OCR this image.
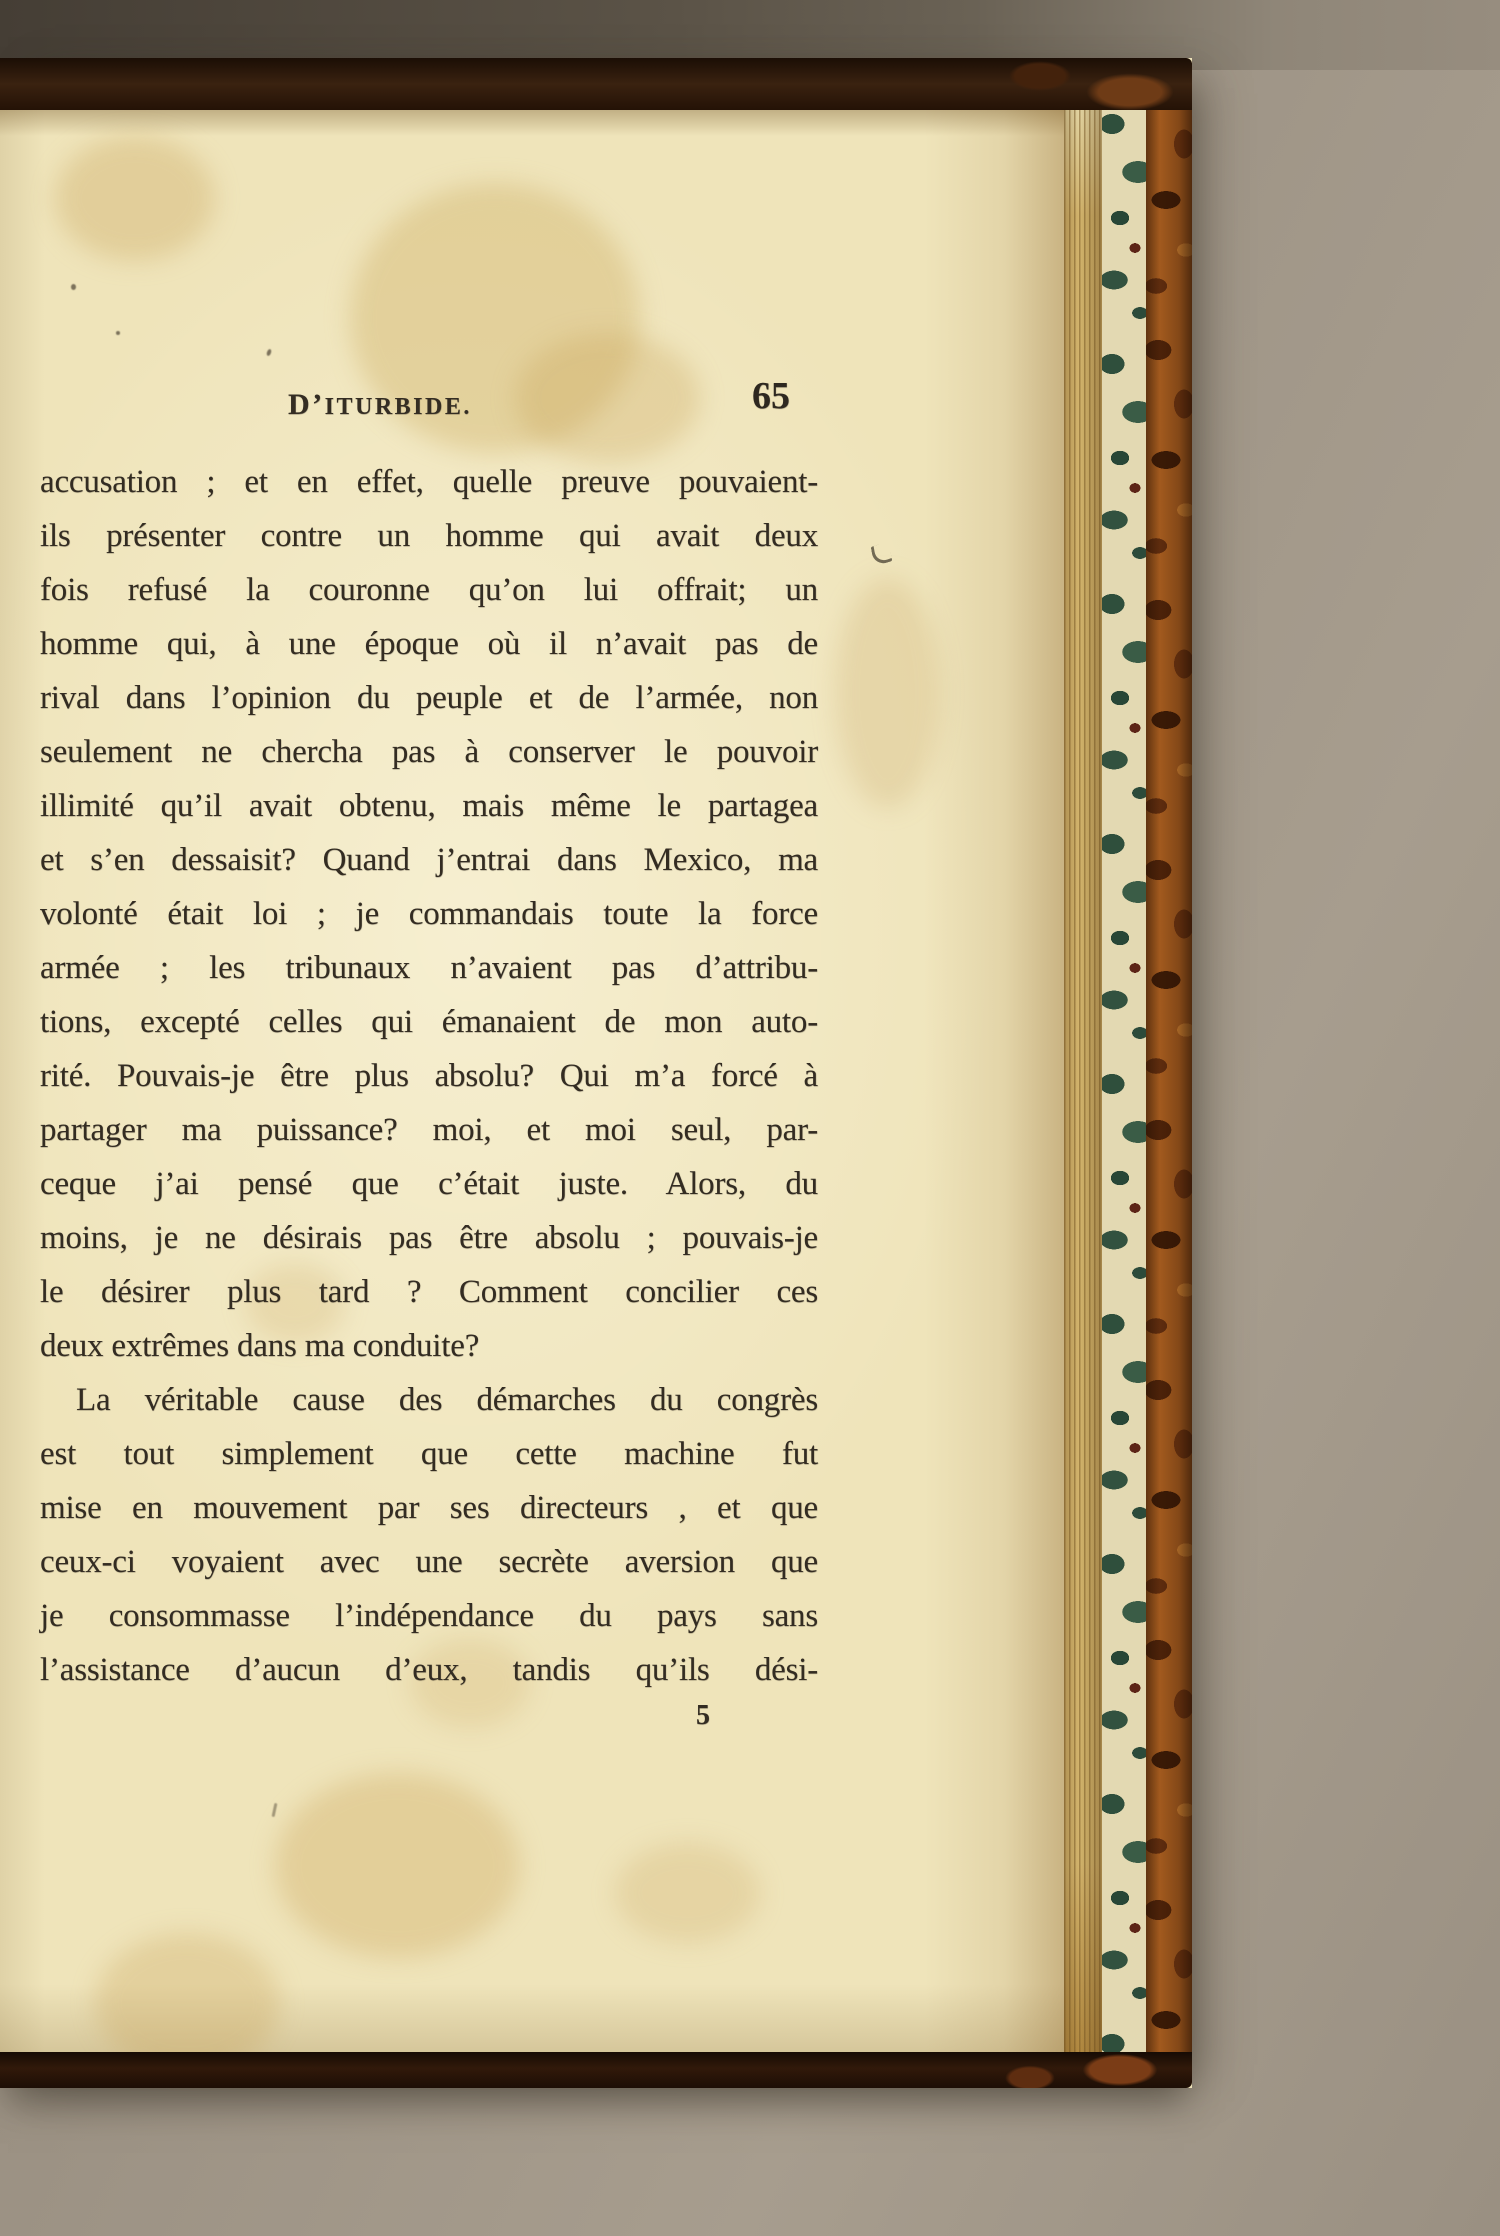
D’ITURBIDE.	65
accusation ; et en effet, quelle preuve pouvaient-
ils présenter contre un homme qui avait deux
fois refusé la couronne qu’on lui offrait; un
homme qui, à une époque où il n’avait pas de
rival dans l’opinion du peuple et de l’armée, non
seulement ne chercha pas à conserver le pouvoir
illimité qu’il avait obtenu, mais même le partagea
et s’en dessaisit? Quand j’entrai dans Mexico, ma
volonté était loi ; je commandais toute la force
armée ; les tribunaux n’avaient pas d’attribu-
tions, excepté celles qui émanaient de mon auto-
rité. Pouvais-je être plus absolu? Qui m’a forcé à
partager ma puissance? moi, et moi seul, par-
ceque j’ai pensé que c’était juste. Alors, du
moins, je ne désirais pas être absolu ; pouvais-je
le désirer plus tard ? Comment concilier ces
deux extrêmes dans ma conduite?
La véritable cause des démarches du congrès
est tout simplement que cette machine fut
mise en mouvement par ses directeurs , et que
ceux-ci voyaient avec une secrète aversion que
je consommasse l’indépendance du pays sans
l’assistance d’aucun d’eux, tandis qu’ils dési-
5
